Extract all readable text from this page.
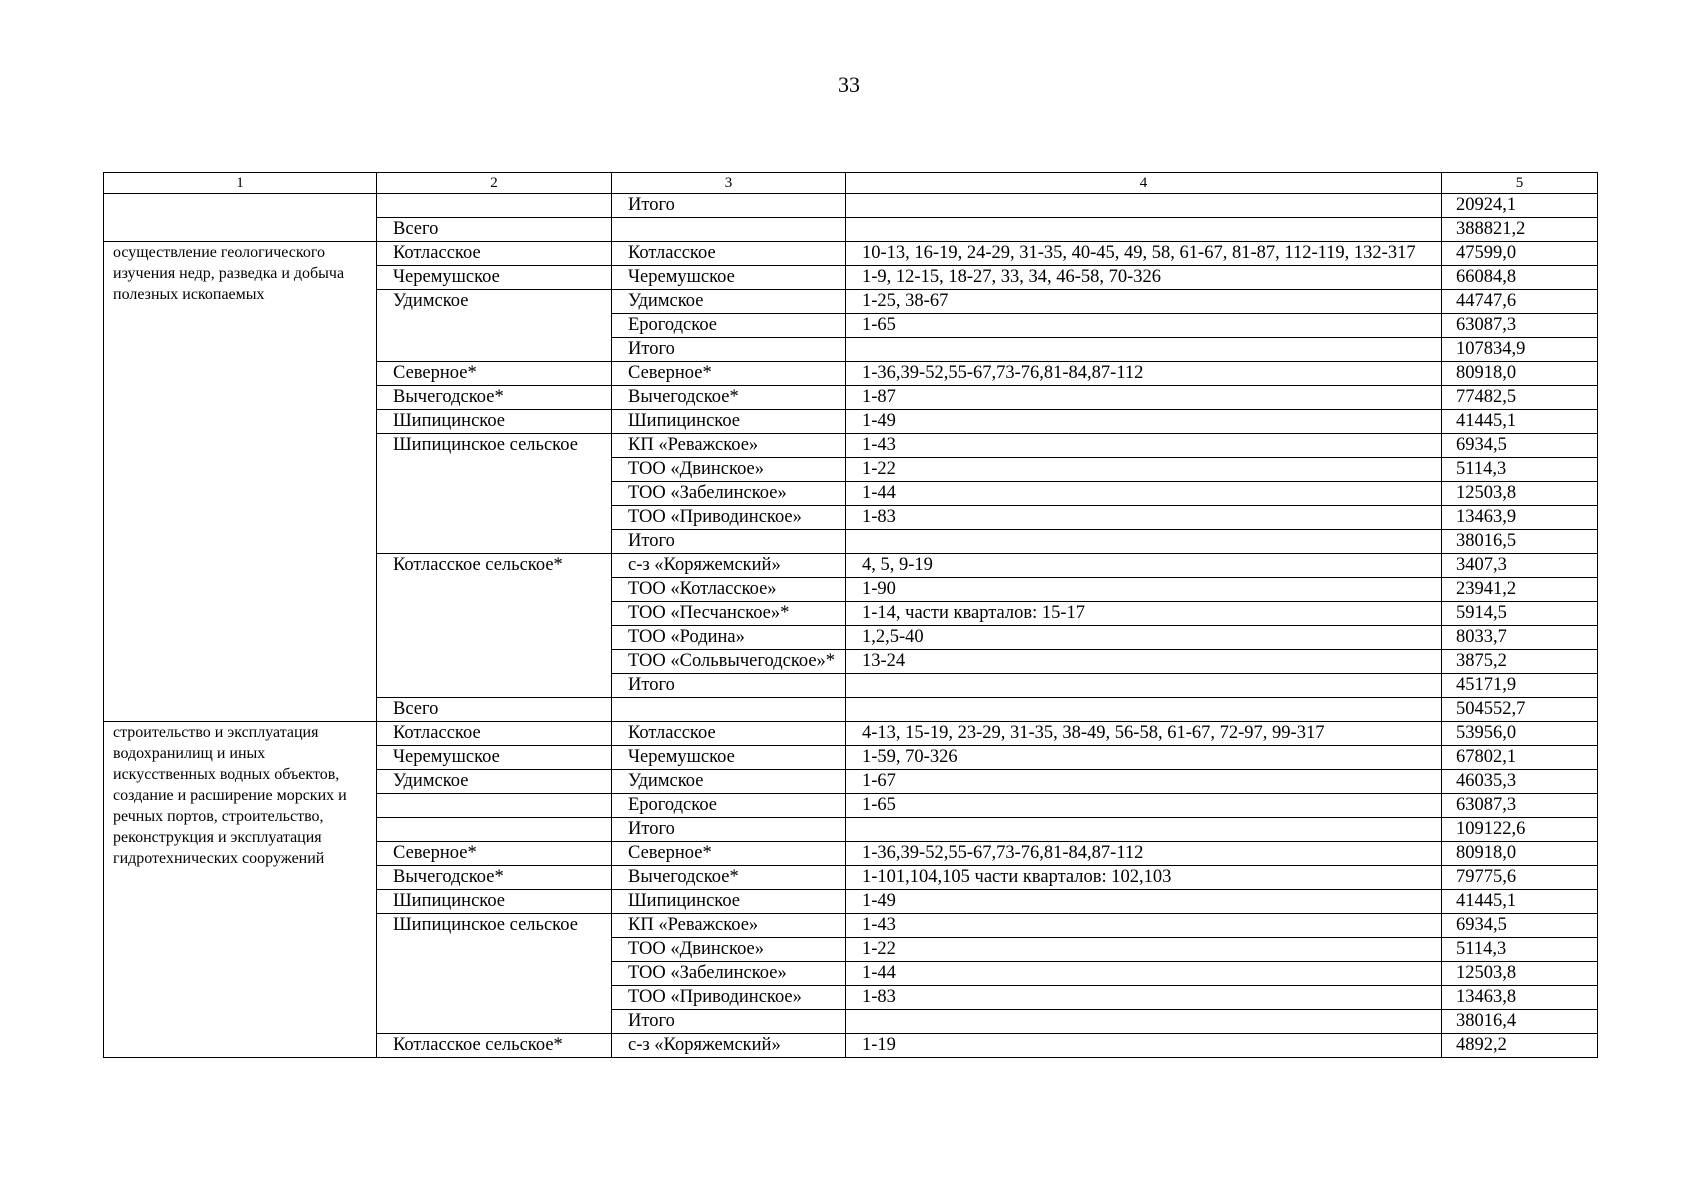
33
1	2	3	4	5
		Итого		20924,1
	Всего			388821,2
осуществление геологического изучения недр, разведка и добыча полезных ископаемых	Котласское	Котласское	10-13, 16-19, 24-29, 31-35, 40-45, 49, 58, 61-67, 81-87, 112-119, 132-317	47599,0
	Черемушское	Черемушское	1-9, 12-15, 18-27, 33, 34, 46-58, 70-326	66084,8
	Удимское	Удимское	1-25, 38-67	44747,6
		Ерогодское	1-65	63087,3
		Итого		107834,9
	Северное*	Северное*	1-36,39-52,55-67,73-76,81-84,87-112	80918,0
	Вычегодское*	Вычегодское*	1-87	77482,5
	Шипицинское	Шипицинское	1-49	41445,1
	Шипицинское сельское	КП «Реважское»	1-43	6934,5
		ТОО «Двинское»	1-22	5114,3
		ТОО «Забелинское»	1-44	12503,8
		ТОО «Приводинское»	1-83	13463,9
		Итого		38016,5
	Котласское сельское*	с-з «Коряжемский»	4, 5, 9-19	3407,3
		ТОО «Котласское»	1-90	23941,2
		ТОО «Песчанское»*	1-14, части кварталов: 15-17	5914,5
		ТОО «Родина»	1,2,5-40	8033,7
		ТОО «Сольвычегодское»*	13-24	3875,2
		Итого		45171,9
	Всего			504552,7
строительство и эксплуатация водохранилищ и иных искусственных водных объектов, создание и расширение морских и речных портов, строительство, реконструкция и эксплуатация гидротехнических сооружений	Котласское	Котласское	4-13, 15-19, 23-29, 31-35, 38-49, 56-58, 61-67, 72-97, 99-317	53956,0
	Черемушское	Черемушское	1-59, 70-326	67802,1
	Удимское	Удимское	1-67	46035,3
		Ерогодское	1-65	63087,3
		Итого		109122,6
	Северное*	Северное*	1-36,39-52,55-67,73-76,81-84,87-112	80918,0
	Вычегодское*	Вычегодское*	1-101,104,105 части кварталов: 102,103	79775,6
	Шипицинское	Шипицинское	1-49	41445,1
	Шипицинское сельское	КП «Реважское»	1-43	6934,5
		ТОО «Двинское»	1-22	5114,3
		ТОО «Забелинское»	1-44	12503,8
		ТОО «Приводинское»	1-83	13463,8
		Итого		38016,4
	Котласское сельское*	с-з «Коряжемский»	1-19	4892,2
